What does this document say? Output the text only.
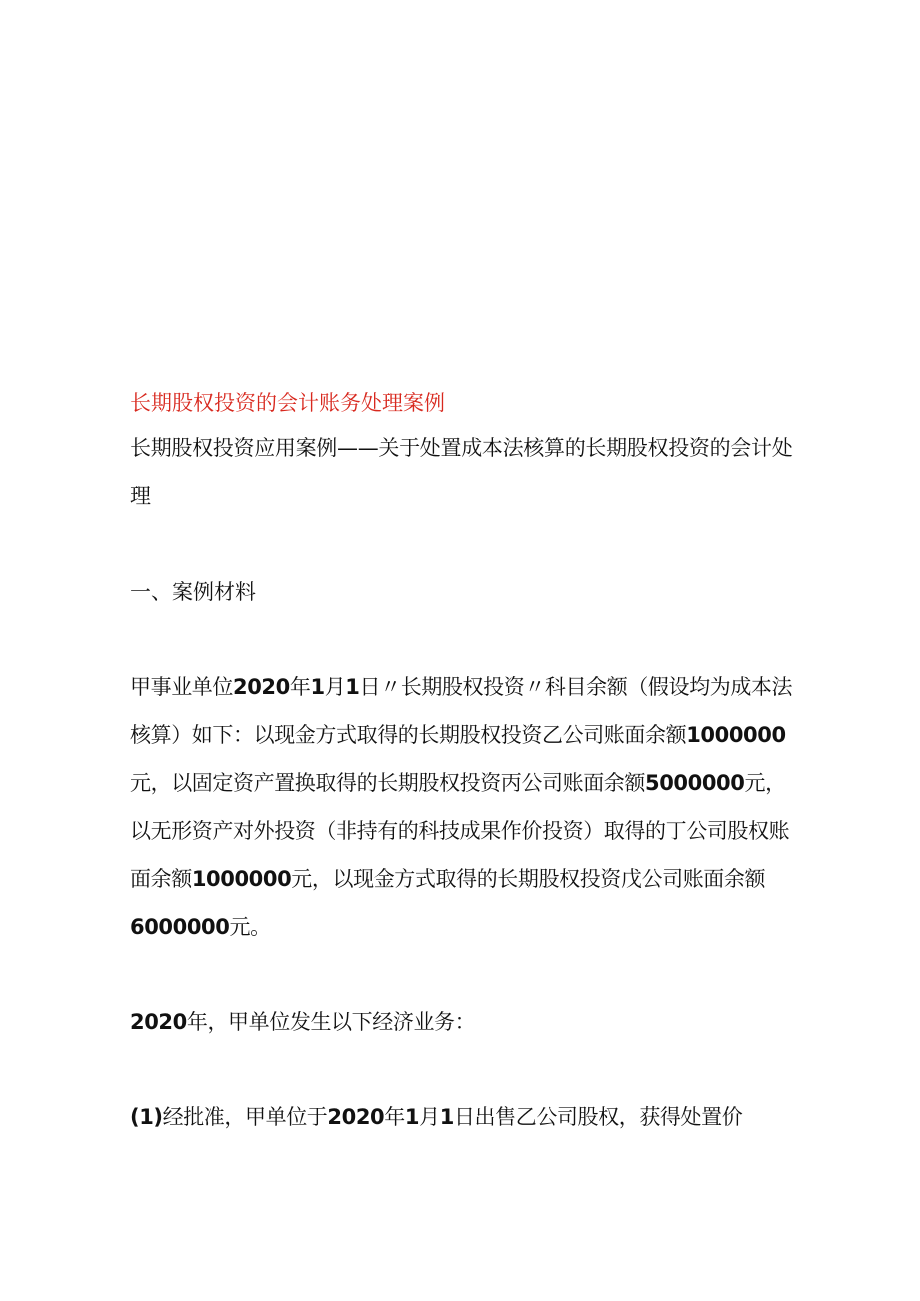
长期股权投资的会计账务处理案例
长期股权投资应用案例——关于处置成本法核算的长期股权投资的会计处理
一、案例材料

甲事业单位2020年1月1日〃长期股权投资〃科目余额（假设均为成本法核算）如下：以现金方式取得的长期股权投资乙公司账面余额1000000元，以固定资产置换取得的长期股权投资丙公司账面余额5000000元，以无形资产对外投资（非持有的科技成果作价投资）取得的丁公司股权账面余额1000000元，以现金方式取得的长期股权投资戊公司账面余额6000000元。

2020年，甲单位发生以下经济业务：

(1)经批准，甲单位于2020年1月1日出售乙公司股权，获得处置价
